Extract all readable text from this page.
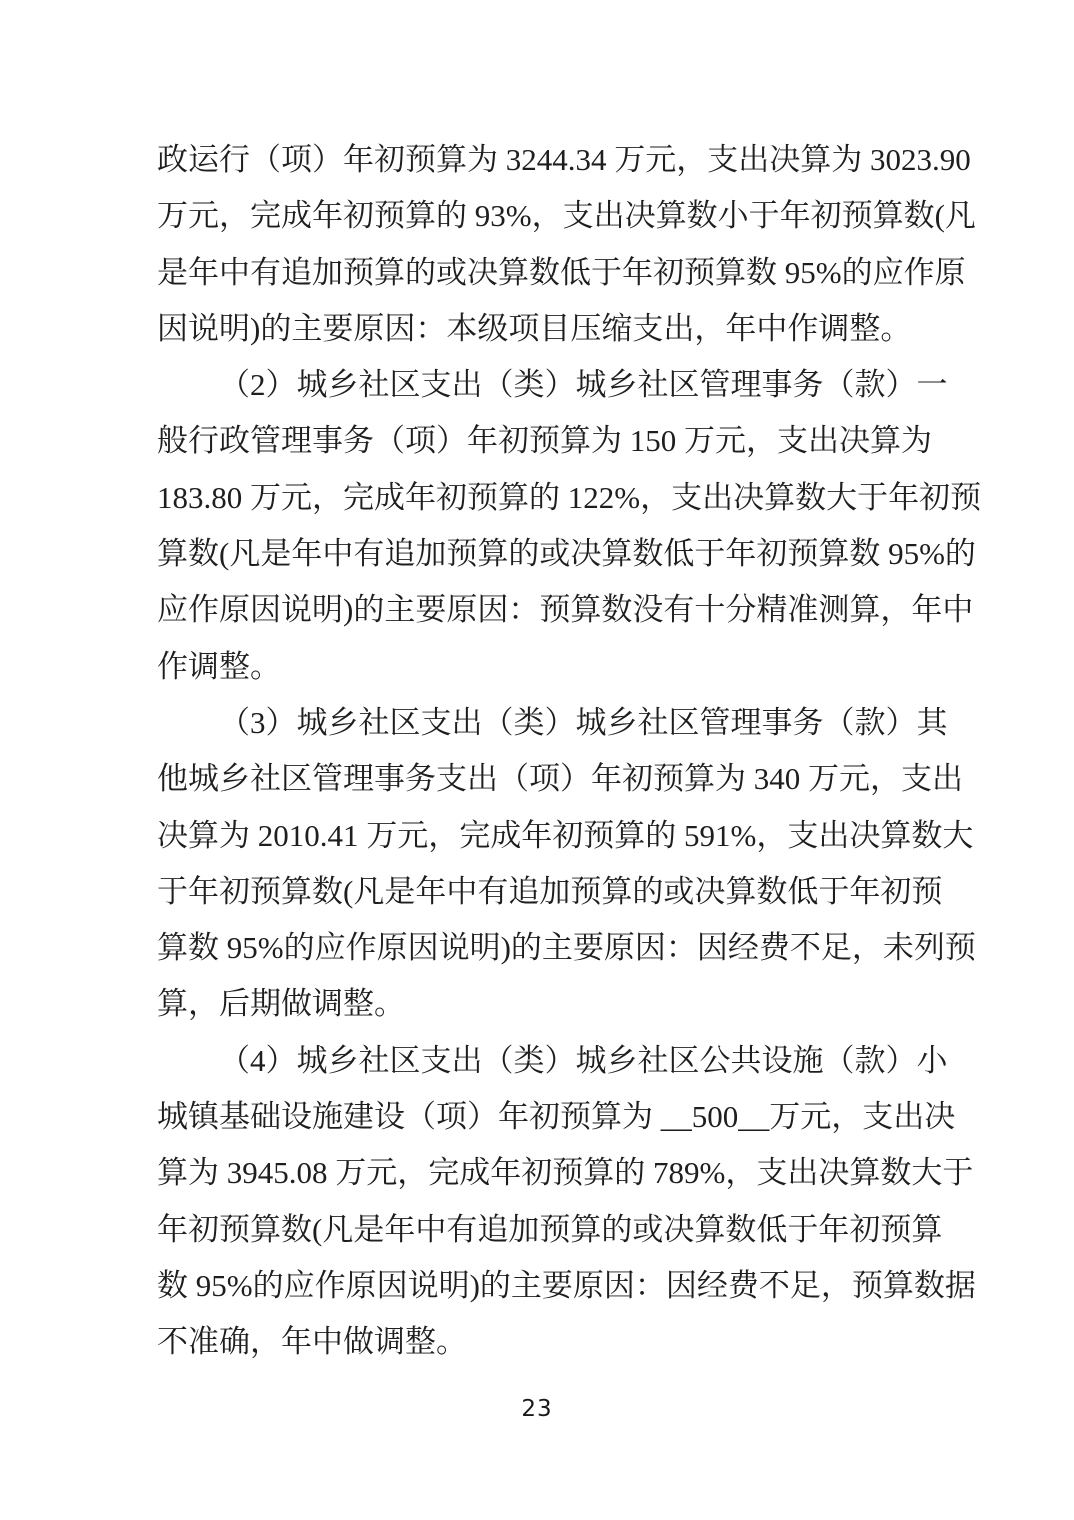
政运行（项）年初预算为 3244.34 万元，支出决算为 3023.90
万元，完成年初预算的 93%，支出决算数小于年初预算数(凡
是年中有追加预算的或决算数低于年初预算数 95%的应作原
因说明)的主要原因：本级项目压缩支出，年中作调整。

（2）城乡社区支出（类）城乡社区管理事务（款）一
般行政管理事务（项）年初预算为 150 万元，支出决算为
183.80 万元，完成年初预算的 122%，支出决算数大于年初预
算数(凡是年中有追加预算的或决算数低于年初预算数 95%的
应作原因说明)的主要原因：预算数没有十分精准测算，年中
作调整。

（3）城乡社区支出（类）城乡社区管理事务（款）其
他城乡社区管理事务支出（项）年初预算为 340 万元，支出
决算为 2010.41 万元，完成年初预算的 591%，支出决算数大
于年初预算数(凡是年中有追加预算的或决算数低于年初预
算数 95%的应作原因说明)的主要原因：因经费不足，未列预
算，后期做调整。

（4）城乡社区支出（类）城乡社区公共设施（款）小
城镇基础设施建设（项）年初预算为 __500__万元，支出决
算为 3945.08 万元，完成年初预算的 789%，支出决算数大于
年初预算数(凡是年中有追加预算的或决算数低于年初预算
数 95%的应作原因说明)的主要原因：因经费不足，预算数据
不准确，年中做调整。

23
